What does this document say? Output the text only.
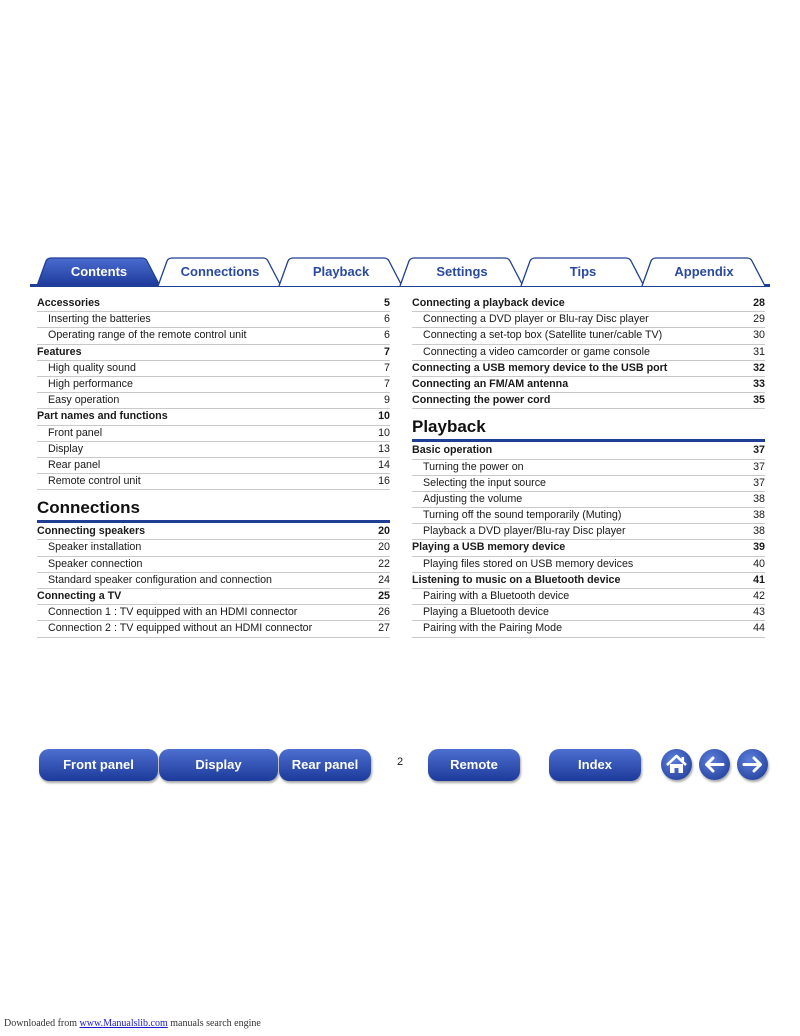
Contents	Connections	Playback	Settings	Tips	Appendix
Accessories	5
Inserting the batteries	6
Operating range of the remote control unit	6
Features	7
High quality sound	7
High performance	7
Easy operation	9
Part names and functions	10
Front panel	10
Display	13
Rear panel	14
Remote control unit	16
Connections
Connecting speakers	20
Speaker installation	20
Speaker connection	22
Standard speaker configuration and connection	24
Connecting a TV	25
Connection 1 : TV equipped with an HDMI connector	26
Connection 2 : TV equipped without an HDMI connector	27
Connecting a playback device	28
Connecting a DVD player or Blu-ray Disc player	29
Connecting a set-top box (Satellite tuner/cable TV)	30
Connecting a video camcorder or game console	31
Connecting a USB memory device to the USB port	32
Connecting an FM/AM antenna	33
Connecting the power cord	35
Playback
Basic operation	37
Turning the power on	37
Selecting the input source	37
Adjusting the volume	38
Turning off the sound temporarily (Muting)	38
Playback a DVD player/Blu-ray Disc player	38
Playing a USB memory device	39
Playing files stored on USB memory devices	40
Listening to music on a Bluetooth device	41
Pairing with a Bluetooth device	42
Playing a Bluetooth device	43
Pairing with the Pairing Mode	44
Front panel	Display	Rear panel	2	Remote	Index
Downloaded from www.Manualslib.com manuals search engine
